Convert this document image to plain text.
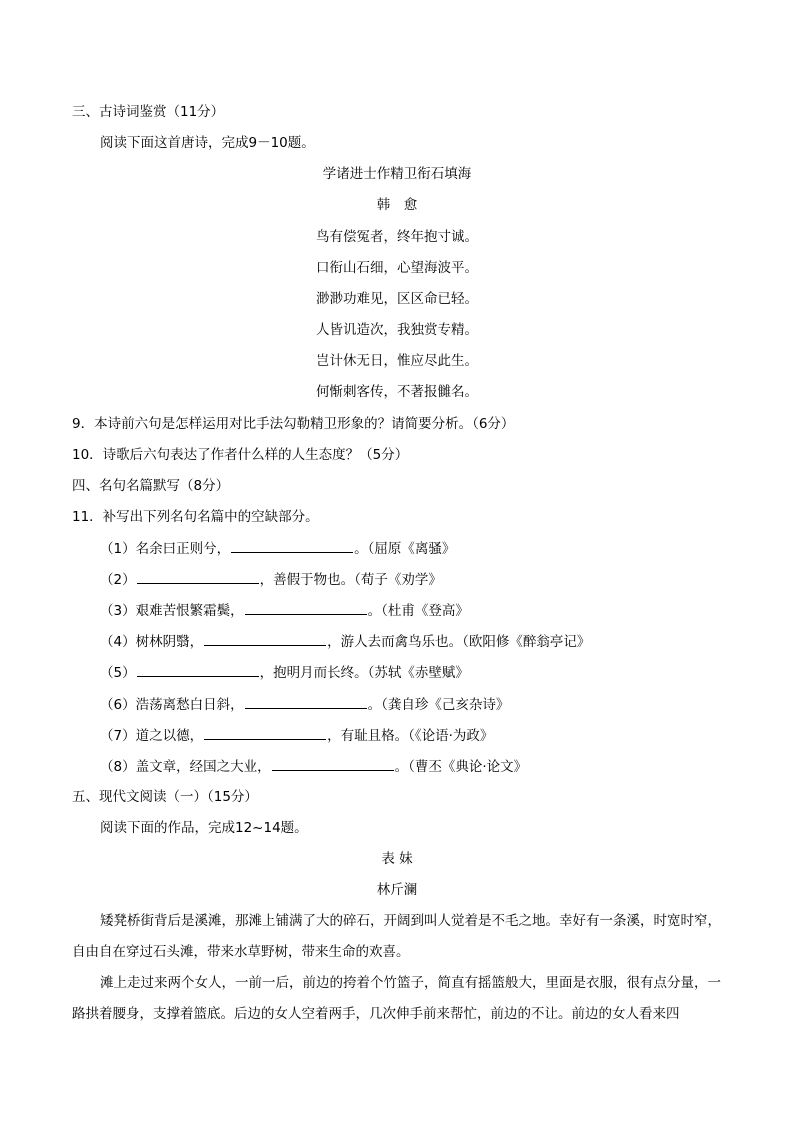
三、古诗词鉴赏（11分）
阅读下面这首唐诗，完成9－10题。
学诸进士作精卫衔石填海
韩　愈
鸟有偿冤者，终年抱寸诚。
口衔山石细，心望海波平。
渺渺功难见，区区命已轻。
人皆讥造次，我独赏专精。
岂计休无日，惟应尽此生。
何惭刺客传，不著报雠名。
9．本诗前六句是怎样运用对比手法勾勒精卫形象的？请简要分析。（6分）
10．诗歌后六句表达了作者什么样的人生态度？（5分）
四、名句名篇默写（8分）
11．补写出下列名句名篇中的空缺部分。
（1）名余曰正则兮，	。（屈原《离骚》
（2）	，善假于物也。（荀子《劝学》
（3）艰难苦恨繁霜鬓，	。（杜甫《登高》
（4）树林阴翳，	，游人去而禽鸟乐也。（欧阳修《醉翁亭记》
（5）	，抱明月而长终。（苏轼《赤壁赋》
（6）浩荡离愁白日斜，	。（龚自珍《己亥杂诗》
（7）道之以德，	，有耻且格。（《论语·为政》
（8）盖文章，经国之大业，	。（曹丕《典论·论文》
五、现代文阅读（一）（15分）
阅读下面的作品，完成12~14题。
表 妹
林斤澜
矮凳桥街背后是溪滩，那滩上铺满了大的碎石，开阔到叫人觉着是不毛之地。幸好有一条溪，时宽时窄，自由自在穿过石头滩，带来水草野树，带来生命的欢喜。
滩上走过来两个女人，一前一后，前边的挎着个竹篮子，简直有摇篮般大，里面是衣服，很有点分量，一路拱着腰身，支撑着篮底。后边的女人空着两手，几次伸手前来帮忙，前边的不让。前边的女人看来四
